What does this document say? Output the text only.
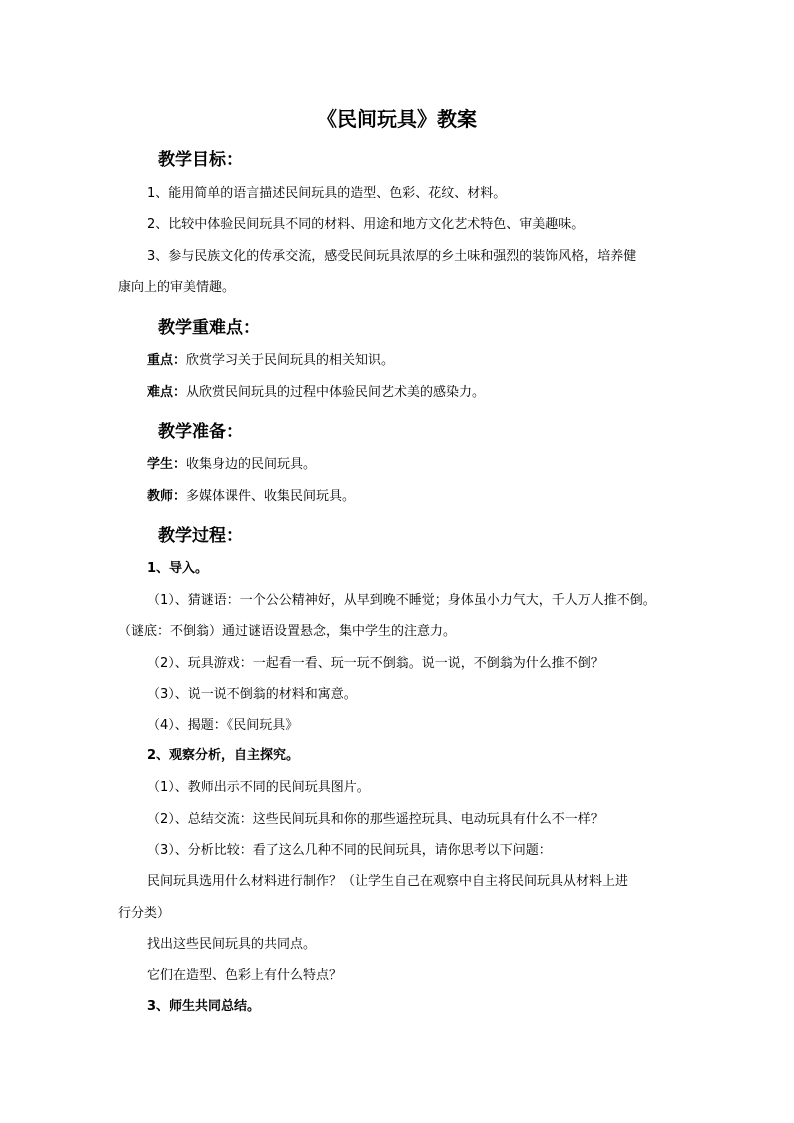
《民间玩具》教案
教学目标：
1、能用简单的语言描述民间玩具的造型、色彩、花纹、材料。
2、比较中体验民间玩具不同的材料、用途和地方文化艺术特色、审美趣味。
3、参与民族文化的传承交流，感受民间玩具浓厚的乡土味和强烈的装饰风格，培养健
康向上的审美情趣。
教学重难点：
重点：欣赏学习关于民间玩具的相关知识。
难点：从欣赏民间玩具的过程中体验民间艺术美的感染力。
教学准备：
学生：收集身边的民间玩具。
教师：多媒体课件、收集民间玩具。
教学过程：
1、导入。
（1）、猜谜语：一个公公精神好，从早到晚不睡觉；身体虽小力气大，千人万人推不倒。
（谜底：不倒翁）通过谜语设置悬念，集中学生的注意力。
（2）、玩具游戏：一起看一看、玩一玩不倒翁。说一说，不倒翁为什么推不倒？
（3）、说一说不倒翁的材料和寓意。
（4）、揭题：《民间玩具》
2、观察分析，自主探究。
（1）、教师出示不同的民间玩具图片。
（2）、总结交流：这些民间玩具和你的那些遥控玩具、电动玩具有什么不一样？
（3）、分析比较：看了这么几种不同的民间玩具，请你思考以下问题：
民间玩具选用什么材料进行制作？（让学生自己在观察中自主将民间玩具从材料上进
行分类）
找出这些民间玩具的共同点。
它们在造型、色彩上有什么特点？
3、师生共同总结。
